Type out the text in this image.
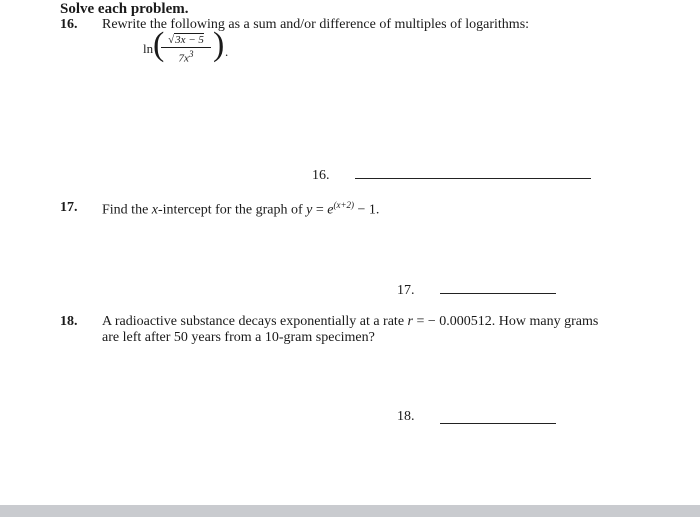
Solve each problem.
16. Rewrite the following as a sum and/or difference of multiples of logarithms:
ln (
$\frac{√3x - 5}{7x^3}$ ) .
16.
17. Find the x-intercept for the graph of $y = e^{(x+2)} - 1$.
17.
18. A radioactive substance decays exponentially at a rate r = − 0.000512. How many grams
are left after 50 years from a 10-gram specimen?
18.
